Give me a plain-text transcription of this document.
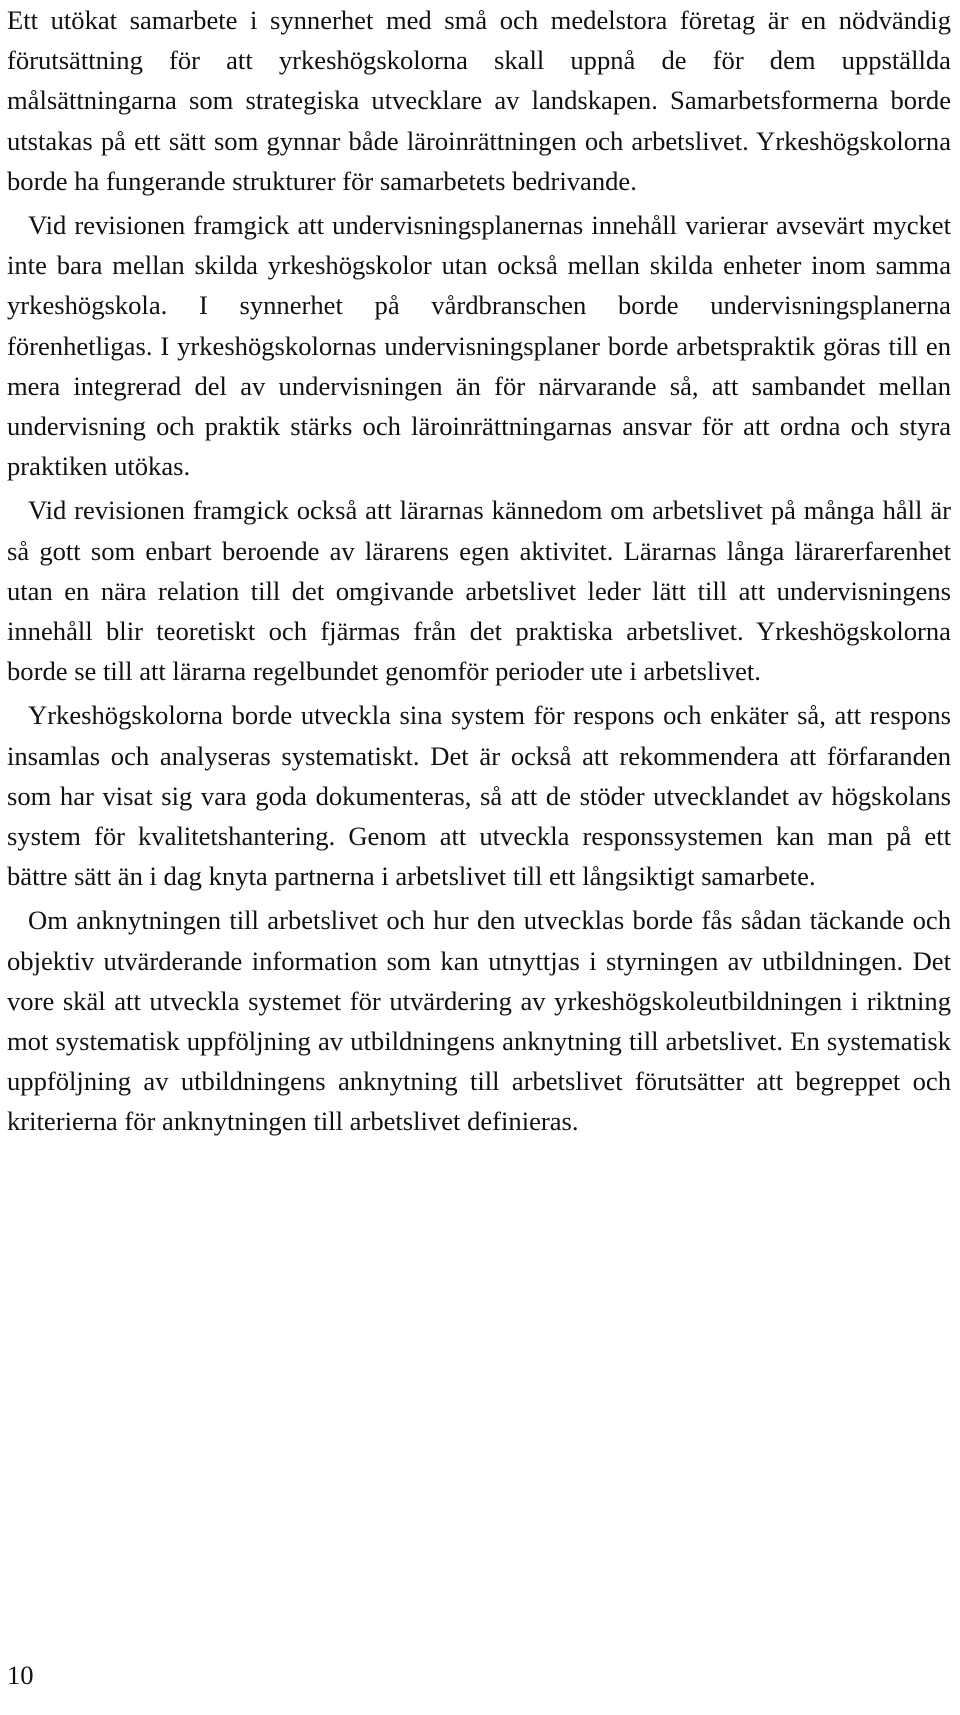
Ett utökat samarbete i synnerhet med små och medelstora företag är en nödvändig förutsättning för att yrkeshögskolorna skall uppnå de för dem uppställda målsättningarna som strategiska utvecklare av landskapen. Samarbetsformerna borde utstakas på ett sätt som gynnar både läroinrättningen och arbetslivet. Yrkeshögskolorna borde ha fungerande strukturer för samarbetets bedrivande.

Vid revisionen framgick att undervisningsplanernas innehåll varierar avsevärt mycket inte bara mellan skilda yrkeshögskolor utan också mellan skilda enheter inom samma yrkeshögskola. I synnerhet på vårdbranschen borde undervisningsplanerna förenhetligas. I yrkeshögskolornas undervisningsplaner borde arbetspraktik göras till en mera integrerad del av undervisningen än för närvarande så, att sambandet mellan undervisning och praktik stärks och läroinrättningarnas ansvar för att ordna och styra praktiken utökas.

Vid revisionen framgick också att lärarnas kännedom om arbetslivet på många håll är så gott som enbart beroende av lärarens egen aktivitet. Lärarnas långa lärarerfarenhet utan en nära relation till det omgivande arbetslivet leder lätt till att undervisningens innehåll blir teoretiskt och fjärmas från det praktiska arbetslivet. Yrkeshögskolorna borde se till att lärarna regelbundet genomför perioder ute i arbetslivet.

Yrkeshögskolorna borde utveckla sina system för respons och enkäter så, att respons insamlas och analyseras systematiskt. Det är också att rekommendera att förfaranden som har visat sig vara goda dokumenteras, så att de stöder utvecklandet av högskolans system för kvalitetshantering. Genom att utveckla responssystemen kan man på ett bättre sätt än i dag knyta partnerna i arbetslivet till ett långsiktigt samarbete.

Om anknytningen till arbetslivet och hur den utvecklas borde fås sådan täckande och objektiv utvärderande information som kan utnyttjas i styrningen av utbildningen. Det vore skäl att utveckla systemet för utvärdering av yrkeshögskoleutbildningen i riktning mot systematisk uppföljning av utbildningens anknytning till arbetslivet. En systematisk uppföljning av utbildningens anknytning till arbetslivet förutsätter att begreppet och kriterierna för anknytningen till arbetslivet definieras.

10
